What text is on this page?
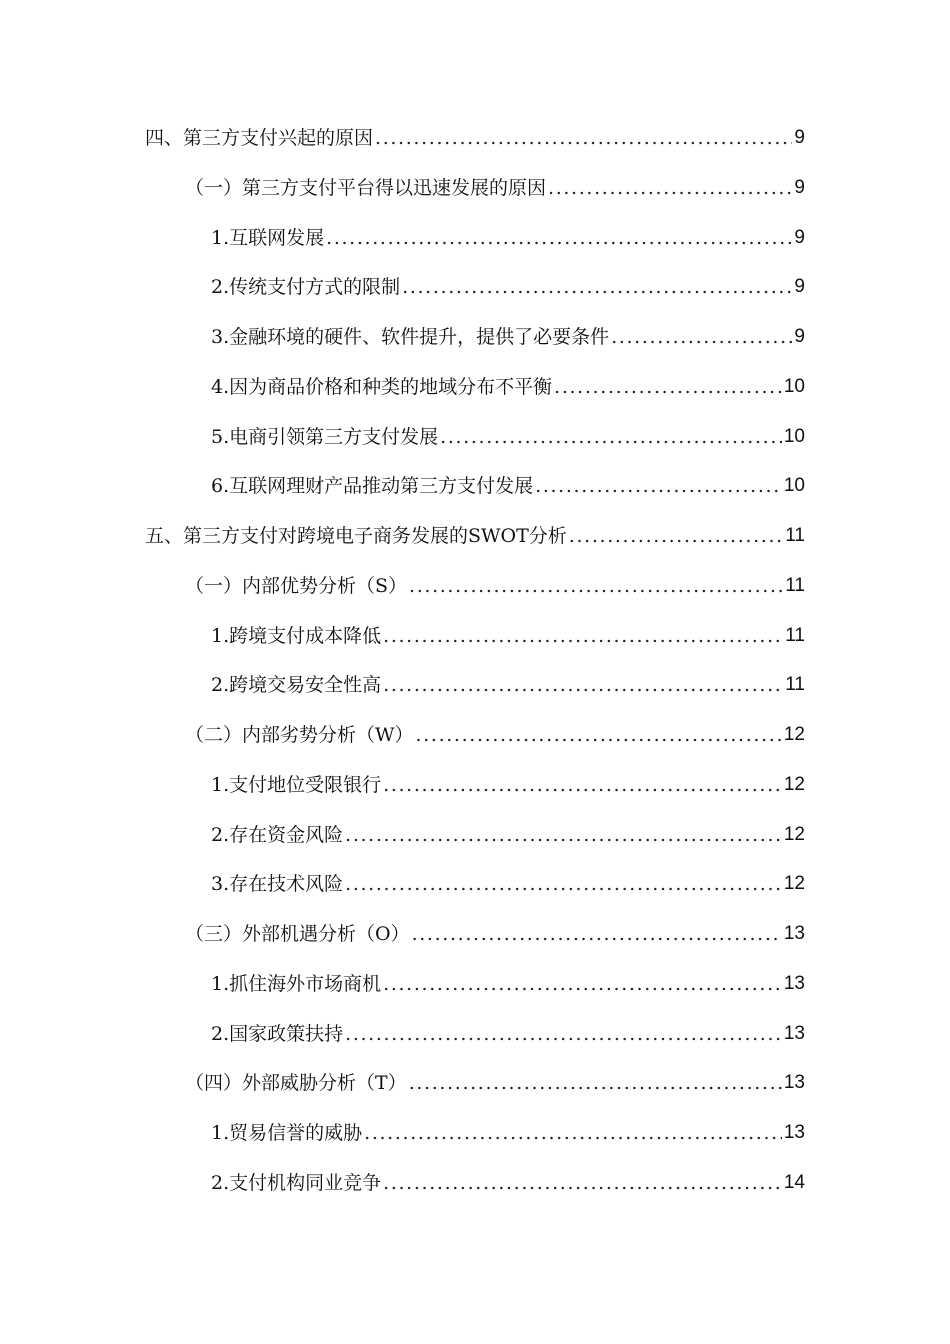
四、第三方支付兴起的原因 . . .	9
（一）第三方支付平台得以迅速发展的原因 . . .	9
1.互联网发展 . . .	9
2.传统支付方式的限制 . . .	9
3.金融环境的硬件、软件提升，提供了必要条件 . . .	9
4.因为商品价格和种类的地域分布不平衡 . . .	10
5.电商引领第三方支付发展 . . .	10
6.互联网理财产品推动第三方支付发展 . . .	10
五、第三方支付对跨境电子商务发展的SWOT分析 . . .	11
（一）内部优势分析（S） . . .	11
1.跨境支付成本降低 . . .	11
2.跨境交易安全性高 . . .	11
（二）内部劣势分析（W） . . .	12
1.支付地位受限银行 . . .	12
2.存在资金风险 . . .	12
3.存在技术风险 . . .	12
（三）外部机遇分析（O） . . .	13
1.抓住海外市场商机 . . .	13
2.国家政策扶持 . . .	13
（四）外部威胁分析（T） . . .	13
1.贸易信誉的威胁 . . .	13
2.支付机构同业竞争 . . .	14
